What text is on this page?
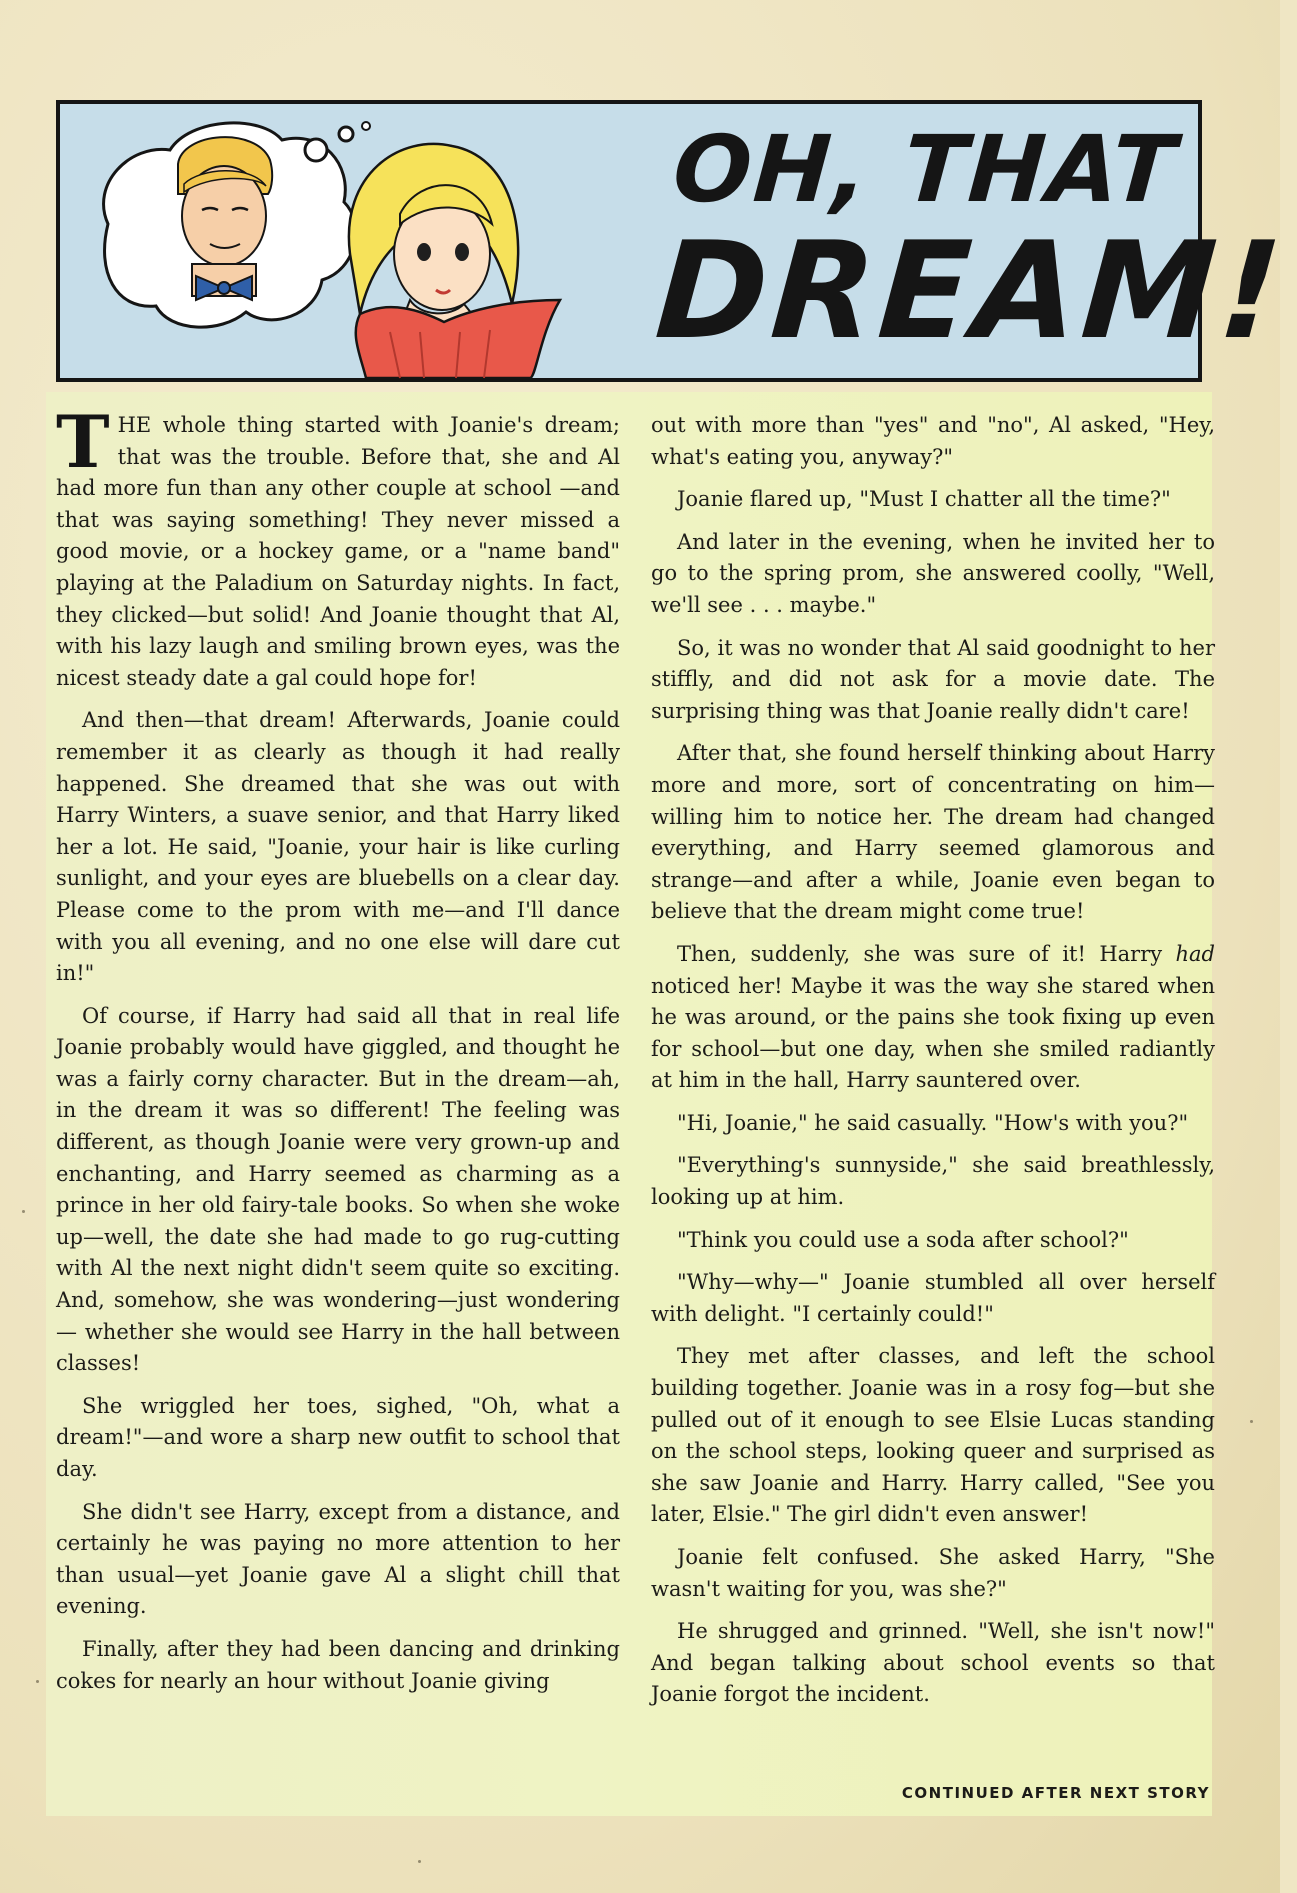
OH, THAT
DREAM!

THE whole thing started with Joanie's dream; that was the trouble. Before that, she and Al had more fun than any other couple at school —and that was saying something! They never missed a good movie, or a hockey game, or a "name band" playing at the Paladium on Saturday nights. In fact, they clicked—but solid! And Joanie thought that Al, with his lazy laugh and smiling brown eyes, was the nicest steady date a gal could hope for!

And then—that dream! Afterwards, Joanie could remember it as clearly as though it had really happened. She dreamed that she was out with Harry Winters, a suave senior, and that Harry liked her a lot. He said, "Joanie, your hair is like curling sunlight, and your eyes are bluebells on a clear day. Please come to the prom with me—and I'll dance with you all evening, and no one else will dare cut in!"

Of course, if Harry had said all that in real life Joanie probably would have giggled, and thought he was a fairly corny character. But in the dream—ah, in the dream it was so different! The feeling was different, as though Joanie were very grown-up and enchanting, and Harry seemed as charming as a prince in her old fairy-tale books. So when she woke up—well, the date she had made to go rug-cutting with Al the next night didn't seem quite so exciting. And, somehow, she was wondering—just wondering— whether she would see Harry in the hall between classes!

She wriggled her toes, sighed, "Oh, what a dream!"—and wore a sharp new outfit to school that day.

She didn't see Harry, except from a distance, and certainly he was paying no more attention to her than usual—yet Joanie gave Al a slight chill that evening.

Finally, after they had been dancing and drinking cokes for nearly an hour without Joanie giving

out with more than "yes" and "no", Al asked, "Hey, what's eating you, anyway?"

Joanie flared up, "Must I chatter all the time?"

And later in the evening, when he invited her to go to the spring prom, she answered coolly, "Well, we'll see . . . maybe."

So, it was no wonder that Al said goodnight to her stiffly, and did not ask for a movie date. The surprising thing was that Joanie really didn't care!

After that, she found herself thinking about Harry more and more, sort of concentrating on him—willing him to notice her. The dream had changed everything, and Harry seemed glamorous and strange—and after a while, Joanie even began to believe that the dream might come true!

Then, suddenly, she was sure of it! Harry had noticed her! Maybe it was the way she stared when he was around, or the pains she took fixing up even for school—but one day, when she smiled radiantly at him in the hall, Harry sauntered over.

"Hi, Joanie," he said casually. "How's with you?"

"Everything's sunnyside," she said breathlessly, looking up at him.

"Think you could use a soda after school?"

"Why—why—" Joanie stumbled all over herself with delight. "I certainly could!"

They met after classes, and left the school building together. Joanie was in a rosy fog—but she pulled out of it enough to see Elsie Lucas standing on the school steps, looking queer and surprised as she saw Joanie and Harry. Harry called, "See you later, Elsie." The girl didn't even answer!

Joanie felt confused. She asked Harry, "She wasn't waiting for you, was she?"

He shrugged and grinned. "Well, she isn't now!" And began talking about school events so that Joanie forgot the incident.

CONTINUED AFTER NEXT STORY
